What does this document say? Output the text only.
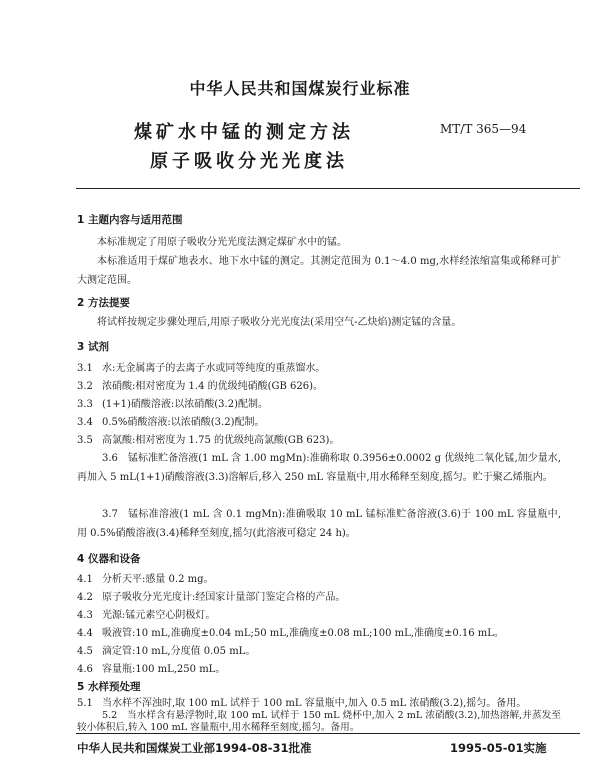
中华人民共和国煤炭行业标准
煤矿水中锰的测定方法
原子吸收分光光度法
MT/T 365—94
1 主题内容与适用范围
本标准规定了用原子吸收分光光度法测定煤矿水中的锰。
本标准适用于煤矿地表水、地下水中锰的测定。其测定范围为 0.1～4.0 mg,水样经浓缩富集或稀释可扩大测定范围。
2 方法提要
将试样按规定步骤处理后,用原子吸收分光光度法(采用空气-乙炔焰)测定锰的含量。
3 试剂
3.1 水:无金属离子的去离子水或同等纯度的重蒸馏水。
3.2 浓硝酸:相对密度为 1.4 的优级纯硝酸(GB 626)。
3.3 (1+1)硝酸溶液:以浓硝酸(3.2)配制。
3.4 0.5%硝酸溶液:以浓硝酸(3.2)配制。
3.5 高氯酸:相对密度为 1.75 的优级纯高氯酸(GB 623)。
3.6  锰标准贮备溶液(1 mL 含 1.00 mgMn):准确称取 0.3956±0.0002 g 优级纯二氧化锰,加少量水,再加入 5 mL(1+1)硝酸溶液(3.3)溶解后,移入 250 mL 容量瓶中,用水稀释至刻度,摇匀。贮于聚乙烯瓶内。
3.7  锰标准溶液(1 mL 含 0.1 mgMn):准确吸取 10 mL 锰标准贮备溶液(3.6)于 100 mL 容量瓶中,用 0.5%硝酸溶液(3.4)稀释至刻度,摇匀(此溶液可稳定 24 h)。
4 仪器和设备
4.1 分析天平:感量 0.2 mg。
4.2 原子吸收分光光度计:经国家计量部门鉴定合格的产品。
4.3 光源:锰元素空心阴极灯。
4.4 吸液管:10 mL,准确度±0.04 mL;50 mL,准确度±0.08 mL;100 mL,准确度±0.16 mL。
4.5 滴定管:10 mL,分度值 0.05 mL。
4.6 容量瓶:100 mL,250 mL。
5 水样预处理
5.1 当水样不浑浊时,取 100 mL 试样于 100 mL 容量瓶中,加入 0.5 mL 浓硝酸(3.2),摇匀。备用。
5.2  当水样含有悬浮物时,取 100 mL 试样于 150 mL 烧杯中,加入 2 mL 浓硝酸(3.2),加热溶解,并蒸发至较小体积后,转入 100 mL 容量瓶中,用水稀释至刻度,摇匀。备用。
中华人民共和国煤炭工业部1994-08-31批准	1995-05-01实施
